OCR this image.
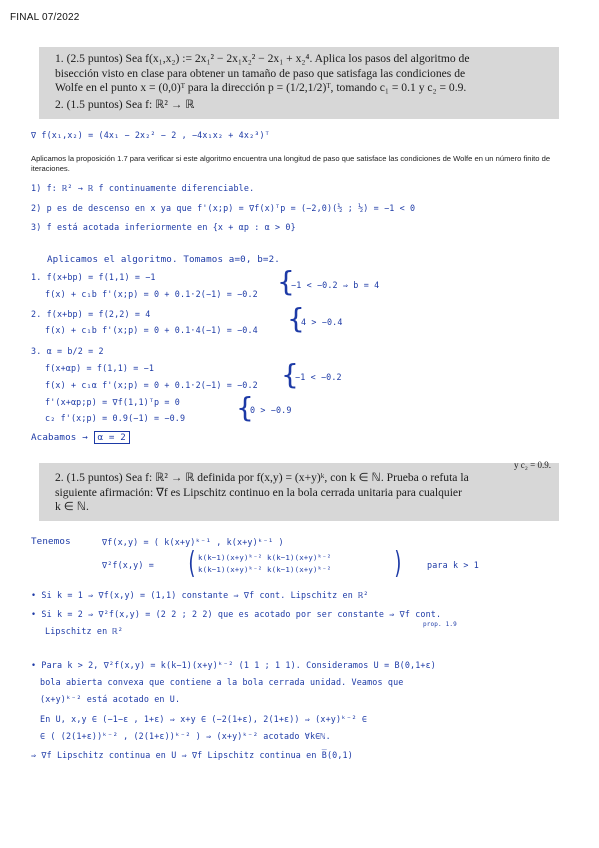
FINAL 07/2022
1. (2.5 puntos) Sea f(x₁,x₂) := 2x₁² − 2x₁x₂² − 2x₁ + x₂⁴. Aplica los pasos del algoritmo de
bisección visto en clase para obtener un tamaño de paso que satisfaga las condiciones de
Wolfe en el punto x = (0,0)ᵀ para la dirección p = (1/2,1/2)ᵀ, tomando c₁ = 0.1 y c₂ = 0.9.
2. (1.5 puntos) Sea f: ℝ² → ℝ
∇ f(x₁,x₂) = (4x₁ − 2x₂² − 2 , −4x₁x₂ + 4x₂³)ᵀ
Aplicamos la proposición 1.7 para verificar si este algoritmo encuentra una longitud de paso que satisface las condiciones de Wolfe en un número finito de iteraciones.
1) f: ℝ² → ℝ f continuamente diferenciable.
2) p es de descenso en x ya que f'(x;p) = ∇f(x)ᵀp = (−2,0)(½ ; ½) = −1 < 0
3) f está acotada inferiormente en {x + αp : α > 0}
Aplicamos el algoritmo. Tomamos a=0, b=2.
1. f(x+bp) = f(1,1) = −1
f(x) + c₁b f'(x;p) = 0 + 0.1·2(−1) = −0.2 {
−1 < −0.2 ⇒ b = 4
2. f(x+bp) = f(2,2) = 4
f(x) + c₁b f'(x;p) = 0 + 0.1·4(−1) = −0.4 {
4 > −0.4
3. α = b/2 = 2
f(x+αp) = f(1,1) = −1
f(x) + c₁α f'(x;p) = 0 + 0.1·2(−1) = −0.2
f'(x+αp;p) = ∇f(1,1)ᵀp = 0
c₂ f'(x;p) = 0.9(−1) = −0.9
{
−1 < −0.2
{
0 > −0.9
Acabamos → α = 2
y c₂ = 0.9.
2. (1.5 puntos) Sea f: ℝ² → ℝ definida por f(x,y) = (x+y)ᵏ, con k ∈ ℕ. Prueba o refuta la
siguiente afirmación: ∇f es Lipschitz continuo en la bola cerrada unitaria para cualquier
k ∈ ℕ.
Tenemos	∇f(x,y) = ( k(x+y)ᵏ⁻¹ , k(x+y)ᵏ⁻¹ )
∇²f(x,y) = ( k(k−1)(x+y)ᵏ⁻² k(k−1)(x+y)ᵏ⁻²
k(k−1)(x+y)ᵏ⁻² k(k−1)(x+y)ᵏ⁻² )	para k > 1
• Si k = 1 ⇒ ∇f(x,y) = (1,1) constante ⇒ ∇f cont. Lipschitz en ℝ²
• Si k = 2 ⇒ ∇²f(x,y) = (2 2 ; 2 2) que es acotado por ser constante ⇒ ∇f cont.
prop. 1.9
Lipschitz en ℝ²
• Para k > 2, ∇²f(x,y) = k(k−1)(x+y)ᵏ⁻² (1 1 ; 1 1). Consideramos U = B(0,1+ε)
bola abierta convexa que contiene a la bola cerrada unidad. Veamos que
(x+y)ᵏ⁻² está acotado en U.
En U, x,y ∈ (−1−ε , 1+ε) ⇒ x+y ∈ (−2(1+ε), 2(1+ε)) ⇒ (x+y)ᵏ⁻² ∈
∈ ( (2(1+ε))ᵏ⁻² , (2(1+ε))ᵏ⁻² ) ⇒ (x+y)ᵏ⁻² acotado ∀k∈ℕ.
⇒ ∇f Lipschitz continua en U ⇒ ∇f Lipschitz continua en B̅(0,1)
